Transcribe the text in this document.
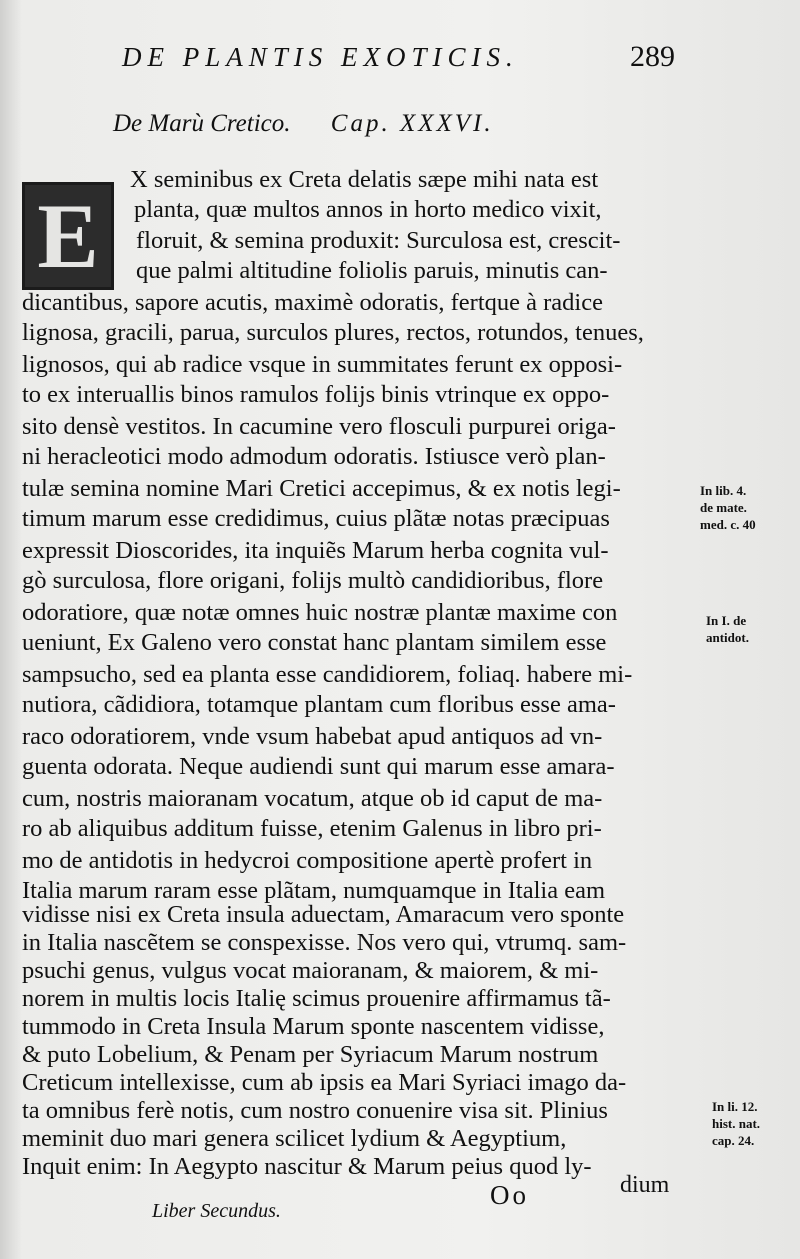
DE PLANTIS EXOTICIS.	289
De Marù Cretico. Cap. XXXVI.
E
X seminibus ex Creta delatis sæpe mihi nata est
planta, quæ multos annos in horto medico vixit,
floruit, & semina produxit: Surculosa est, crescit-
que palmi altitudine foliolis paruis, minutis can-
dicantibus, sapore acutis, maximè odoratis, fertque à radice
lignosa, gracili, parua, surculos plures, rectos, rotundos, tenues,
lignosos, qui ab radice vsque in summitates ferunt ex opposi-
to ex interuallis binos ramulos folijs binis vtrinque ex oppo-
sito densè vestitos. In cacumine vero flosculi purpurei origa-
ni heracleotici modo admodum odoratis. Istiusce verò plan-
tulæ semina nomine Mari Cretici accepimus, & ex notis legi-
timum marum esse credidimus, cuius plãtæ notas præcipuas
expressit Dioscorides, ita inquiẽs Marum herba cognita vul-
gò surculosa, flore origani, folijs multò candidioribus, flore
odoratiore, quæ notæ omnes huic nostræ plantæ maxime con
ueniunt, Ex Galeno vero constat hanc plantam similem esse
sampsucho, sed ea planta esse candidiorem, foliaq. habere mi-
nutiora, cãdidiora, totamque plantam cum floribus esse ama-
raco odoratiorem, vnde vsum habebat apud antiquos ad vn-
guenta odorata. Neque audiendi sunt qui marum esse amara-
cum, nostris maioranam vocatum, atque ob id caput de ma-
ro ab aliquibus additum fuisse, etenim Galenus in libro pri-
mo de antidotis in hedycroi compositione apertè profert in
Italia marum raram esse plãtam, numquamque in Italia eam
vidisse nisi ex Creta insula aduectam, Amaracum vero sponte
in Italia nascẽtem se conspexisse. Nos vero qui, vtrumq. sam-
psuchi genus, vulgus vocat maioranam, & maiorem, & mi-
norem in multis locis Italię scimus prouenire affirmamus tã-
tummodo in Creta Insula Marum sponte nascentem vidisse,
& puto Lobelium, & Penam per Syriacum Marum nostrum
Creticum intellexisse, cum ab ipsis ea Mari Syriaci imago da-
ta omnibus ferè notis, cum nostro conuenire visa sit. Plinius
meminit duo mari genera scilicet lydium & Aegyptium,
Inquit enim: In Aegypto nascitur & Marum peius quod ly-
In lib. 4.
de mate.
med. c. 40
In I. de
antidot.
In li. 12.
hist. nat.
cap. 24.
Oo	dium
Liber Secundus.
